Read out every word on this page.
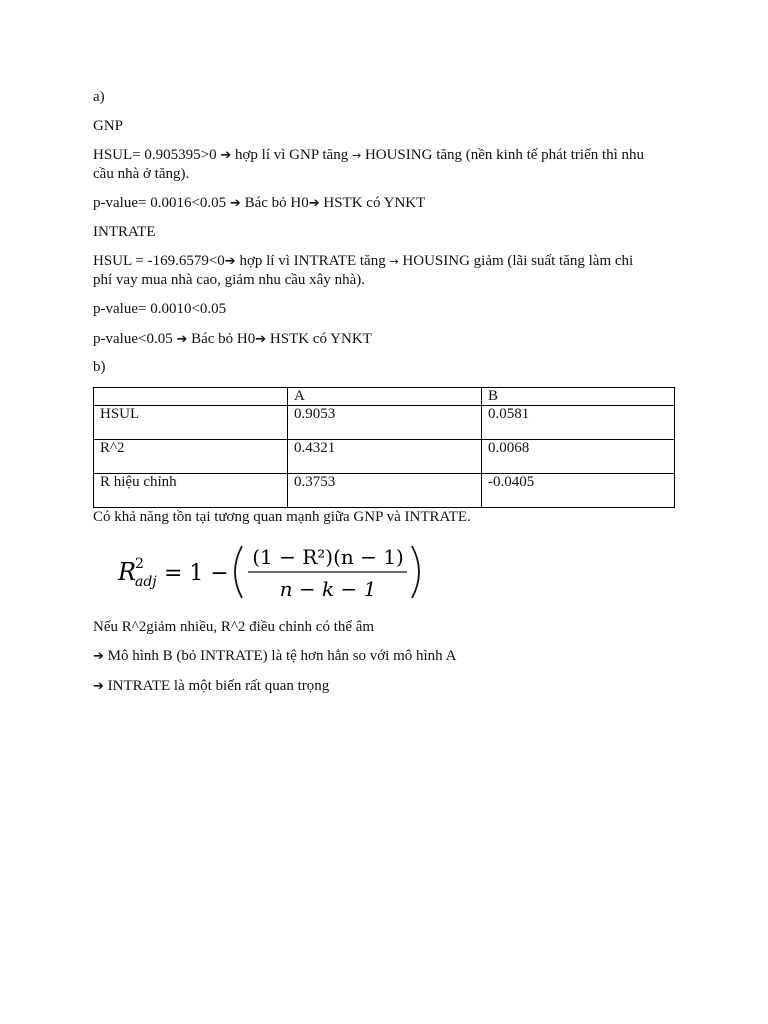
a)

GNP

HSUL= 0.905395>0 ➔ hợp lí vì GNP tăng → HOUSING tăng (nền kinh tế phát triển thì nhu
cầu nhà ở tăng).

p-value= 0.0016<0.05 ➔ Bác bỏ H0➔ HSTK có YNKT

INTRATE

HSUL = -169.6579<0➔ hợp lí vì INTRATE tăng → HOUSING giảm (lãi suất tăng làm chi
phí vay mua nhà cao, giảm nhu cầu xây nhà).

p-value= 0.0010<0.05

p-value<0.05 ➔ Bác bỏ H0➔ HSTK có YNKT

b)

	A	B
HSUL	0.9053	0.0581
R^2	0.4321	0.0068
R hiệu chỉnh	0.3753	-0.0405

Có khả năng tồn tại tương quan mạnh giữa GNP và INTRATE.

R
2
adj = 1 −
(1 − R²)(n − 1)
n − k − 1

Nếu R^2giảm nhiều, R^2 điều chỉnh có thể âm

➔ Mô hình B (bỏ INTRATE) là tệ hơn hẳn so với mô hình A

➔ INTRATE là một biến rất quan trọng
